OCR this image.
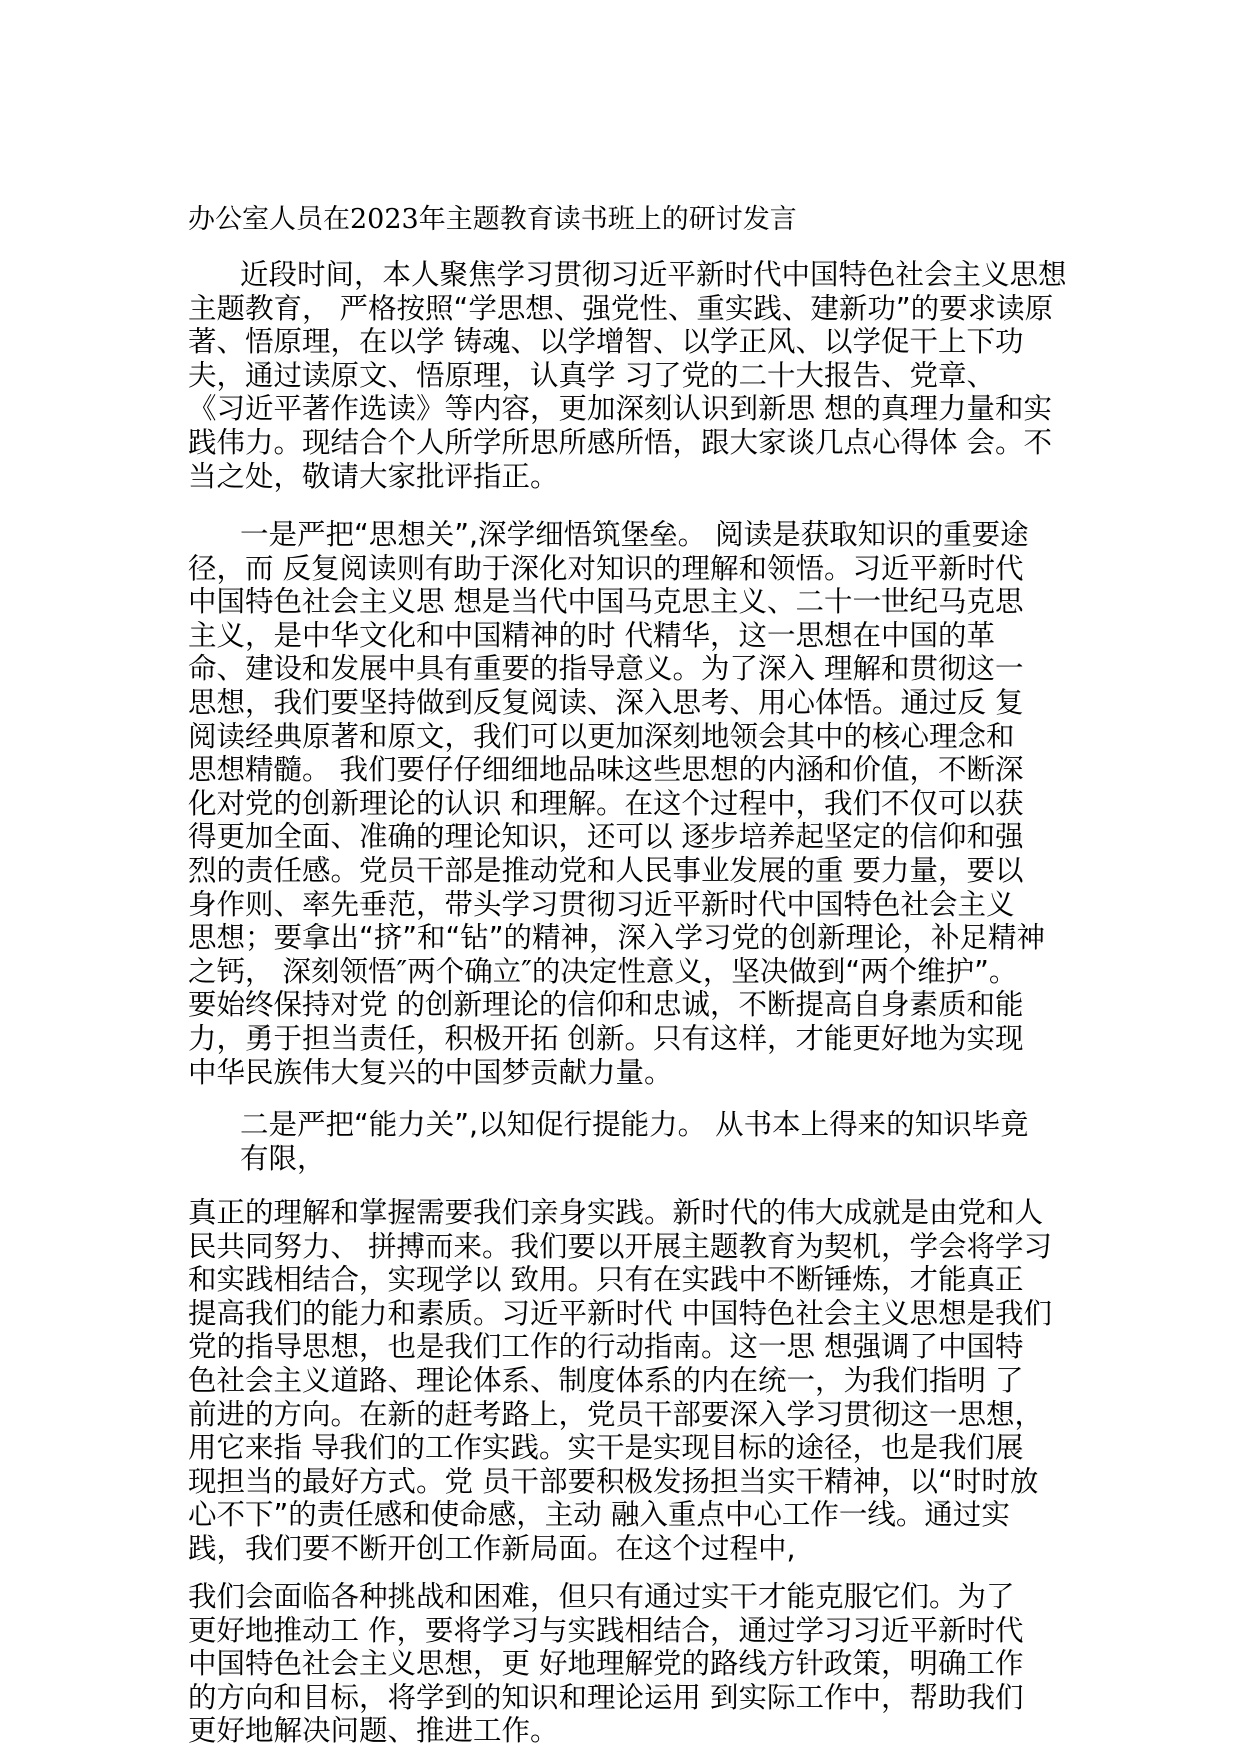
办公室人员在2023年主题教育读书班上的研讨发言
近段时间，本人聚焦学习贯彻习近平新时代中国特色社会主义思想
主题教育， 严格按照“学思想、强党性、重实践、建新功”的要求读原
著、悟原理，在以学 铸魂、以学增智、以学正风、以学促干上下功
夫，通过读原文、悟原理，认真学 习了党的二十大报告、党章、
《习近平著作选读》等内容，更加深刻认识到新思 想的真理力量和实
践伟力。现结合个人所学所思所感所悟，跟大家谈几点心得体 会。不
当之处，敬请大家批评指正。
一是严把“思想关”,深学细悟筑堡垒。 阅读是获取知识的重要途
径，而 反复阅读则有助于深化对知识的理解和领悟。习近平新时代
中国特色社会主义思 想是当代中国马克思主义、二十一世纪马克思
主义，是中华文化和中国精神的时 代精华，这一思想在中国的革
命、建设和发展中具有重要的指导意义。为了深入 理解和贯彻这一
思想，我们要坚持做到反复阅读、深入思考、用心体悟。通过反 复
阅读经典原著和原文，我们可以更加深刻地领会其中的核心理念和
思想精髓。 我们要仔仔细细地品味这些思想的内涵和价值，不断深
化对党的创新理论的认识 和理解。在这个过程中，我们不仅可以获
得更加全面、准确的理论知识，还可以 逐步培养起坚定的信仰和强
烈的责任感。党员干部是推动党和人民事业发展的重 要力量，要以
身作则、率先垂范，带头学习贯彻习近平新时代中国特色社会主义
思想；要拿出“挤”和“钻”的精神，深入学习党的创新理论，补足精神
之钙， 深刻领悟″两个确立″的决定性意义，坚决做到“两个维护”。
要始终保持对党 的创新理论的信仰和忠诚，不断提高自身素质和能
力，勇于担当责任，积极开拓 创新。只有这样，才能更好地为实现
中华民族伟大复兴的中国梦贡献力量。
二是严把“能力关”,以知促行提能力。 从书本上得来的知识毕竟
有限，
真正的理解和掌握需要我们亲身实践。新时代的伟大成就是由党和人
民共同努力、 拼搏而来。我们要以开展主题教育为契机，学会将学习
和实践相结合，实现学以 致用。只有在实践中不断锤炼，才能真正
提高我们的能力和素质。习近平新时代 中国特色社会主义思想是我们
党的指导思想，也是我们工作的行动指南。这一思 想强调了中国特
色社会主义道路、理论体系、制度体系的内在统一，为我们指明 了
前进的方向。在新的赶考路上，党员干部要深入学习贯彻这一思想，
用它来指 导我们的工作实践。实干是实现目标的途径，也是我们展
现担当的最好方式。党 员干部要积极发扬担当实干精神，以“时时放
心不下”的责任感和使命感，主动 融入重点中心工作一线。通过实
践，我们要不断开创工作新局面。在这个过程中,
我们会面临各种挑战和困难，但只有通过实干才能克服它们。为了
更好地推动工 作，要将学习与实践相结合，通过学习习近平新时代
中国特色社会主义思想，更 好地理解党的路线方针政策，明确工作
的方向和目标，将学到的知识和理论运用 到实际工作中，帮助我们
更好地解决问题、推进工作。
